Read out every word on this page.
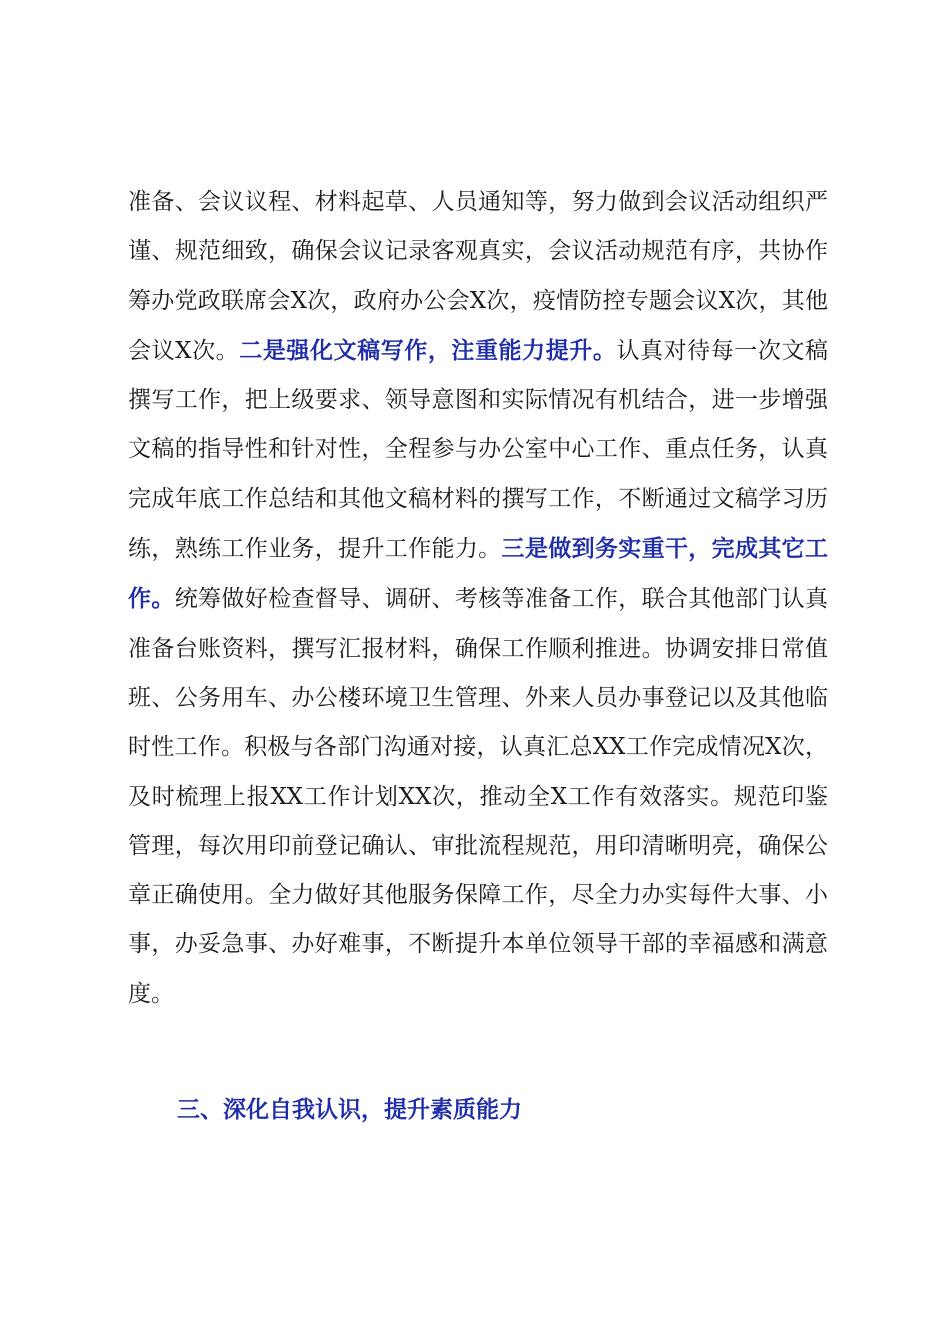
准备、会议议程、材料起草、人员通知等，努力做到会议活动组织严谨、规范细致，确保会议记录客观真实，会议活动规范有序，共协作筹办党政联席会X次，政府办公会X次，疫情防控专题会议X次，其他会议X次。二是强化文稿写作，注重能力提升。认真对待每一次文稿撰写工作，把上级要求、领导意图和实际情况有机结合，进一步增强文稿的指导性和针对性，全程参与办公室中心工作、重点任务，认真完成年底工作总结和其他文稿材料的撰写工作，不断通过文稿学习历练，熟练工作业务，提升工作能力。三是做到务实重干，完成其它工作。统筹做好检查督导、调研、考核等准备工作，联合其他部门认真准备台账资料，撰写汇报材料，确保工作顺利推进。协调安排日常值班、公务用车、办公楼环境卫生管理、外来人员办事登记以及其他临时性工作。积极与各部门沟通对接，认真汇总XX工作完成情况X次，及时梳理上报XX工作计划XX次，推动全X工作有效落实。规范印鉴管理，每次用印前登记确认、审批流程规范，用印清晰明亮，确保公章正确使用。全力做好其他服务保障工作，尽全力办实每件大事、小事，办妥急事、办好难事，不断提升本单位领导干部的幸福感和满意度。

三、深化自我认识，提升素质能力
